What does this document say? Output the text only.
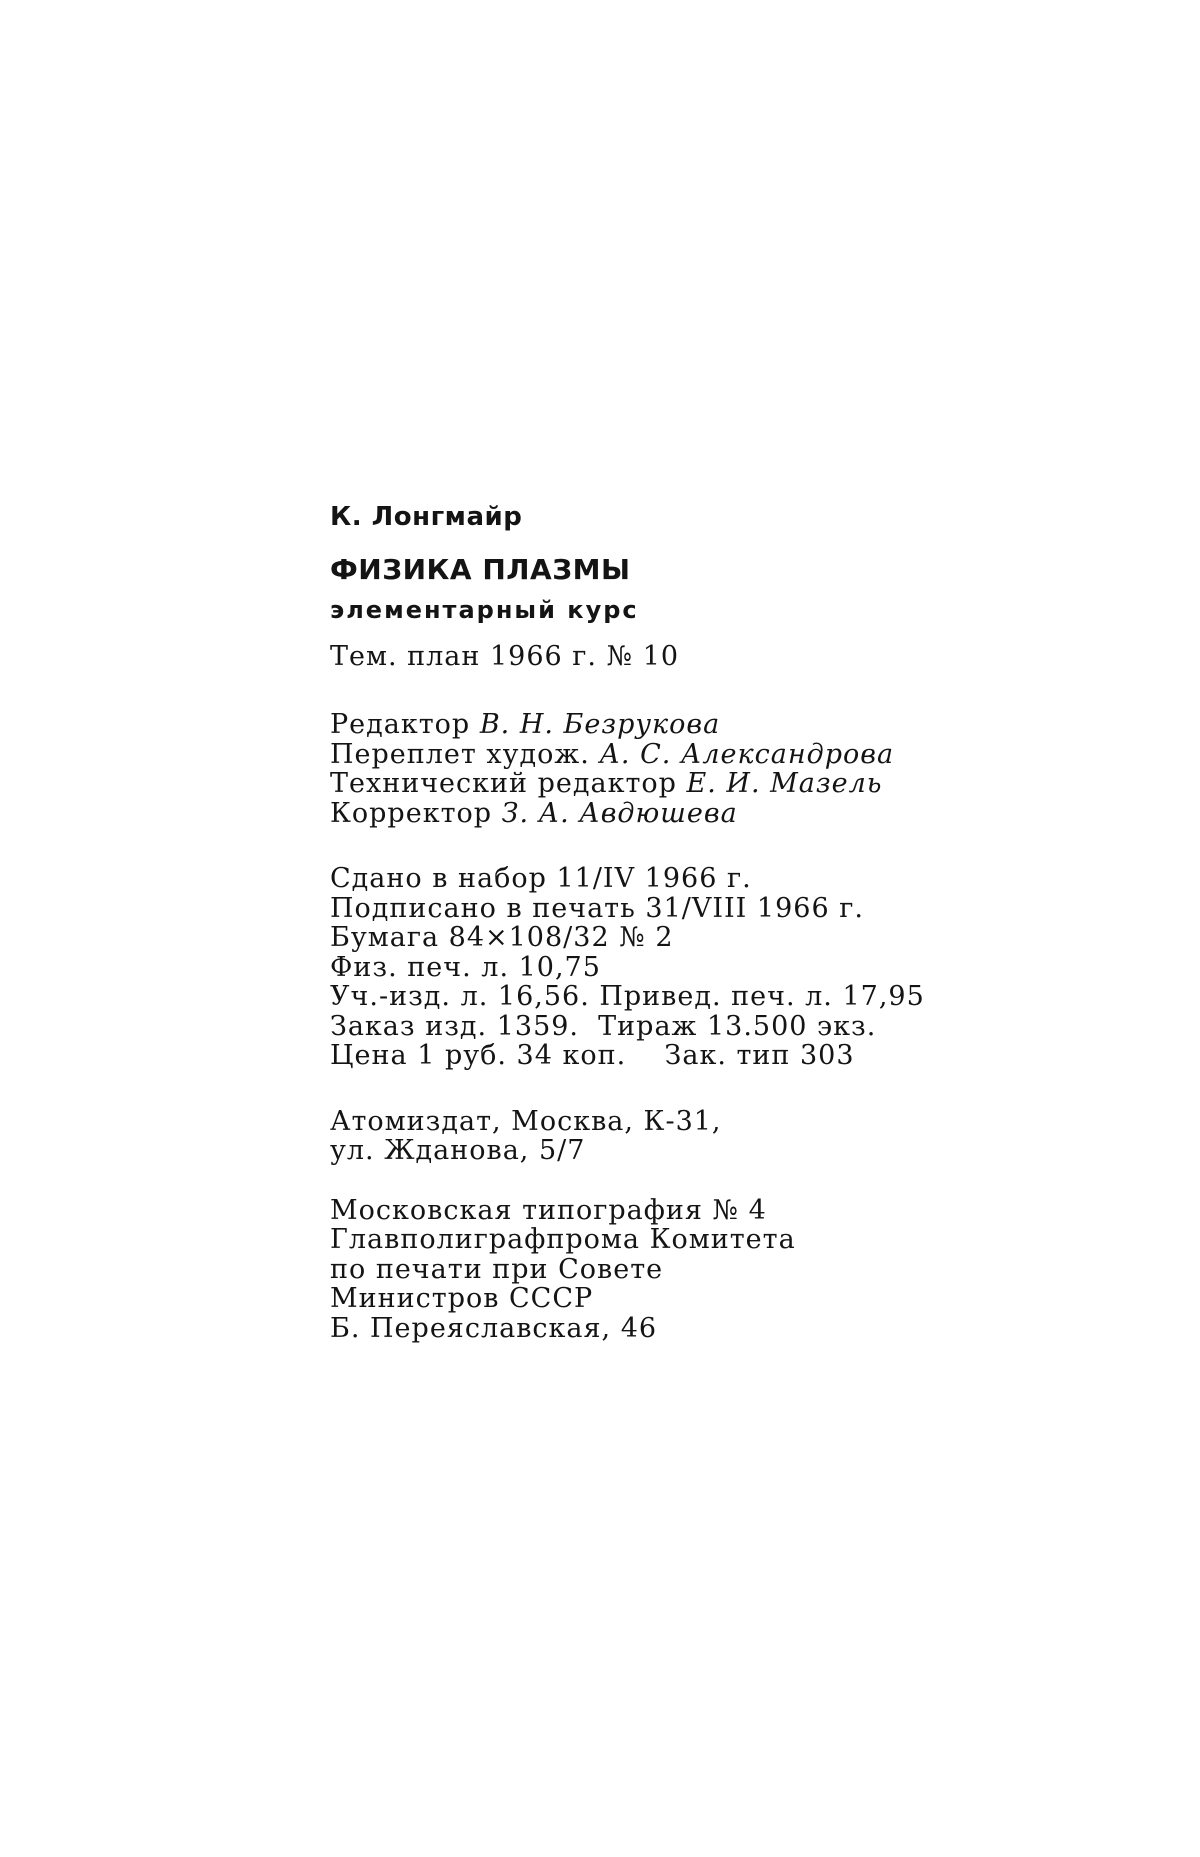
К. Лонгмайр

ФИЗИКА ПЛАЗМЫ

элементарный курс

Тем. план 1966 г. № 10

Редактор В. Н. Безрукова

Переплет худож. А. С. Александрова

Технический редактор Е. И. Мазель

Корректор З. А. Авдюшева

Сдано в набор 11/IV 1966 г.

Подписано в печать 31/VIII 1966 г.

Бумага 84×108/32 № 2

Физ. печ. л. 10,75

Уч.-изд. л. 16,56. Привед. печ. л. 17,95

Заказ изд. 1359.  Тираж 13.500 экз.

Цена 1 руб. 34 коп.    Зак. тип 303

Атомиздат, Москва, К-31,

ул. Жданова, 5/7

Московская типография № 4

Главполиграфпрома Комитета

по печати при Совете

Министров СССР

Б. Переяславская, 46
